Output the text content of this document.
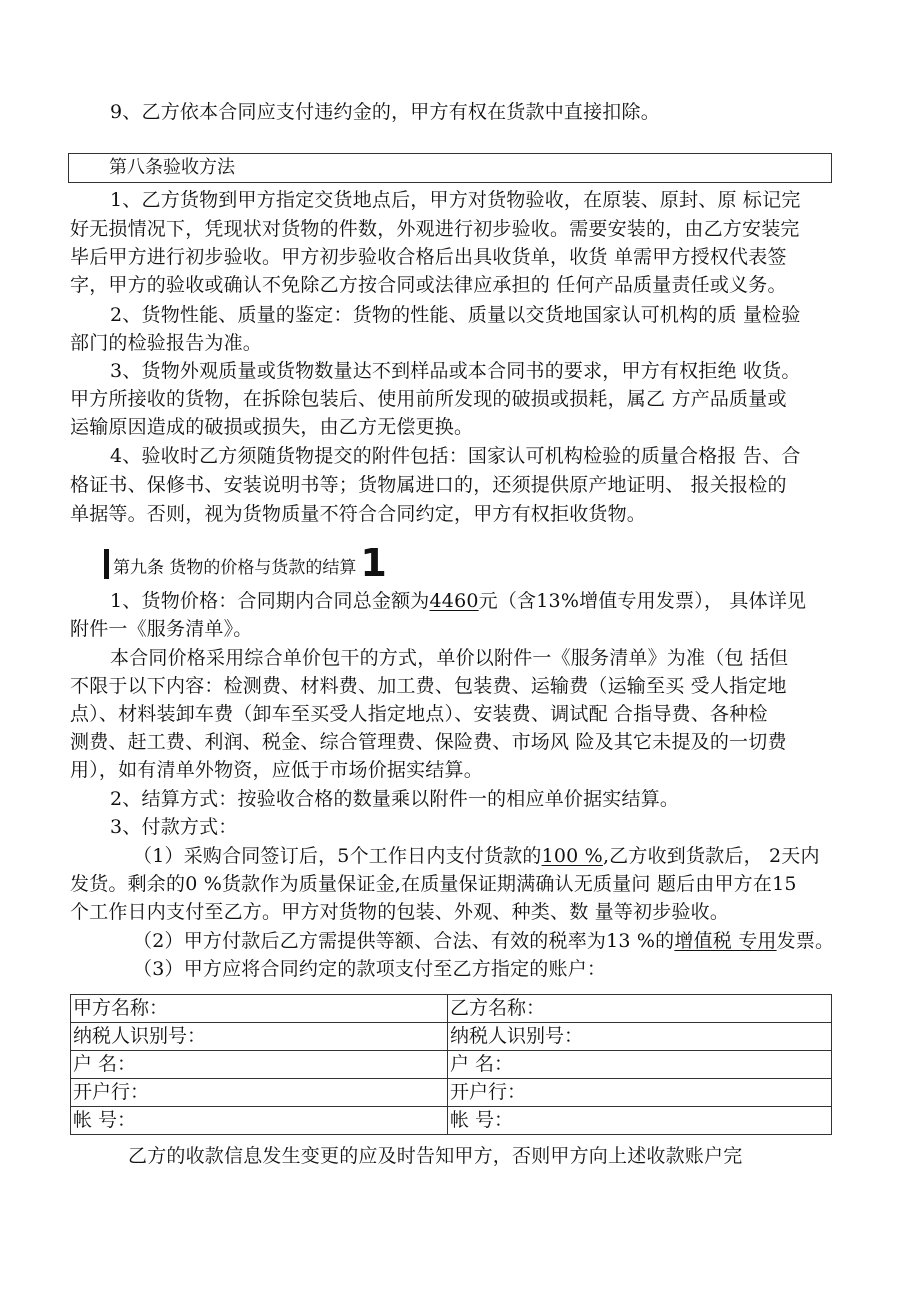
9、乙方依本合同应支付违约金的，甲方有权在货款中直接扣除。
第八条验收方法
1、乙方货物到甲方指定交货地点后，甲方对货物验收，在原装、原封、原 标记完
好无损情况下，凭现状对货物的件数，外观进行初步验收。需要安装的，由乙方安装完
毕后甲方进行初步验收。甲方初步验收合格后出具收货单，收货 单需甲方授权代表签
字，甲方的验收或确认不免除乙方按合同或法律应承担的 任何产品质量责任或义务。
2、货物性能、质量的鉴定：货物的性能、质量以交货地国家认可机构的质 量检验
部门的检验报告为准。
3、货物外观质量或货物数量达不到样品或本合同书的要求，甲方有权拒绝 收货。
甲方所接收的货物，在拆除包装后、使用前所发现的破损或损耗，属乙 方产品质量或
运输原因造成的破损或损失，由乙方无偿更换。
4、验收时乙方须随货物提交的附件包括：国家认可机构检验的质量合格报 告、合
格证书、保修书、安装说明书等；货物属进口的，还须提供原产地证明、 报关报检的
单据等。否则，视为货物质量不符合合同约定，甲方有权拒收货物。
第九条 货物的价格与货款的结算 1
1、货物价格：合同期内合同总金额为4460元（含13%增值专用发票）， 具体详见
附件一《服务清单》。
本合同价格采用综合单价包干的方式，单价以附件一《服务清单》为准（包 括但
不限于以下内容：检测费、材料费、加工费、包装费、运输费（运输至买 受人指定地
点）、材料装卸车费（卸车至买受人指定地点）、安装费、调试配 合指导费、各种检
测费、赶工费、利润、税金、综合管理费、保险费、市场风 险及其它未提及的一切费
用），如有清单外物资，应低于市场价据实结算。
2、结算方式：按验收合格的数量乘以附件一的相应单价据实结算。
3、付款方式：
（1）采购合同签订后，5个工作日内支付货款的100 %,乙方收到货款后， 2天内
发货。剩余的0 %货款作为质量保证金,在质量保证期满确认无质量问 题后由甲方在15
个工作日内支付至乙方。甲方对货物的包装、外观、种类、数 量等初步验收。
（2）甲方付款后乙方需提供等额、合法、有效的税率为13 %的增值税 专用发票。
（3）甲方应将合同约定的款项支付至乙方指定的账户：
甲方名称：	乙方名称：
纳税人识别号：	纳税人识别号：
户 名：	户 名：
开户行：	开户行：
帐 号：	帐 号：
乙方的收款信息发生变更的应及时告知甲方，否则甲方向上述收款账户完
